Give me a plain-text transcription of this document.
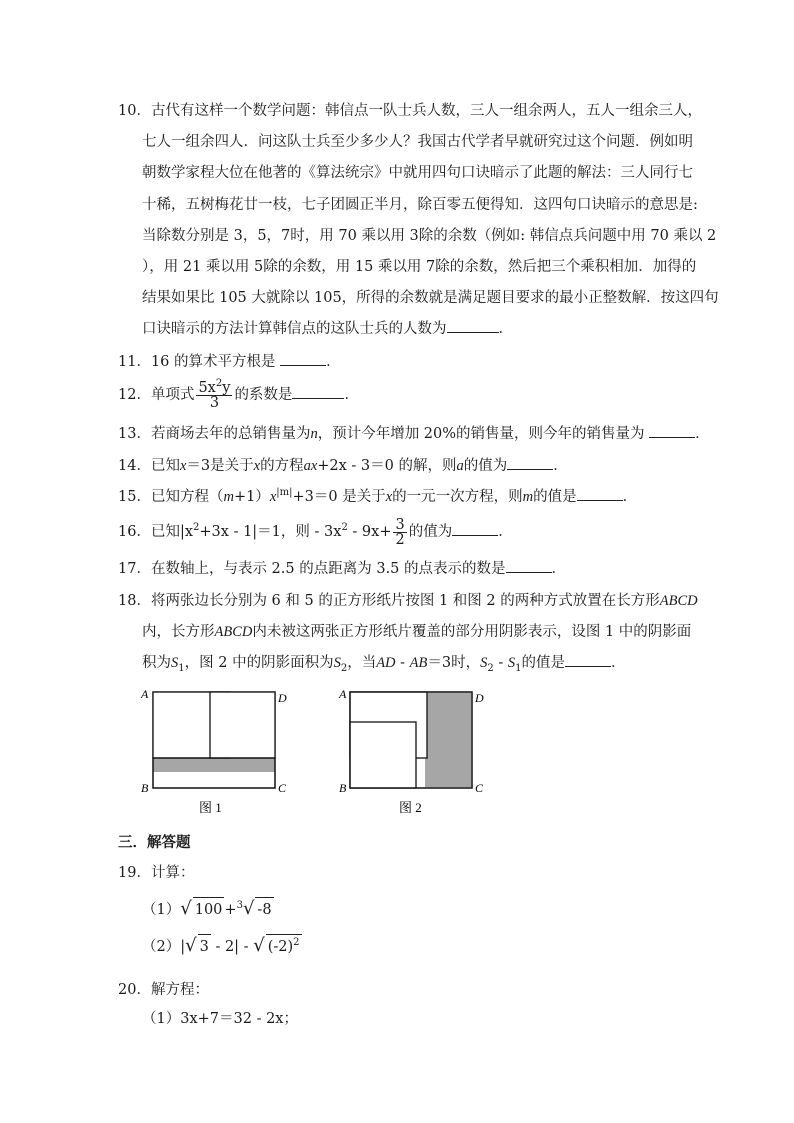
10．古代有这样一个数学问题：韩信点一队士兵人数，三人一组余两人，五人一组余三人，
七人一组余四人．问这队士兵至少多少人？我国古代学者早就研究过这个问题．例如明
朝数学家程大位在他著的《算法统宗》中就用四句口诀暗示了此题的解法：三人同行七
十稀，五树梅花廿一枝，七子团圆正半月，除百零五便得知．这四句口诀暗示的意思是:
当除数分别是 3，5，7时，用 70 乘以用 3除的余数（例如: 韩信点兵问题中用 70 乘以 2
），用 21 乘以用 5除的余数，用 15 乘以用 7除的余数，然后把三个乘积相加．加得的
结果如果比 105 大就除以 105，所得的余数就是满足题目要求的最小正整数解．按这四句
口诀暗示的方法计算韩信点的这队士兵的人数为	．
11．16 的算术平方根是	．
12．单项式 $\frac{5x^2y}{3}$ 的系数是	．
13．若商场去年的总销售量为n，预计今年增加 20%的销售量，则今年的销售量为	．
14．已知x＝3是关于x的方程ax+2x - 3＝0 的解，则a的值为	．
15．已知方程$(m+1)x^{|m|}+3=0$ 是关于x的一元一次方程，则m的值是	．
16．已知$|x^2+3x - 1|=1$，则 - $3x^2 - 9x+ \frac{3}{2}$ 的值为	．
17．在数轴上，与表示 2.5 的点距离为 3.5 的点表示的数是	．
18．将两张边长分别为 6 和 5 的正方形纸片按图 1 和图 2 的两种方式放置在长方形ABCD
内，长方形ABCD内未被这两张正方形纸片覆盖的部分用阴影表示，设图 1 中的阴影面
积为$S_1$，图 2 中的阴影面积为$S_2$，当AD - AB＝3时，$S_2 - S_1$的值是	．
A	D
B	C
图 1
A	D
B	C
图 2
三．解答题
19．计算：
（1）√ 100 +$^3$√ -8
（2）|√ 3 - 2| - √ $(-2)^2$
20．解方程：
（1）3x+7＝32 - 2x；
